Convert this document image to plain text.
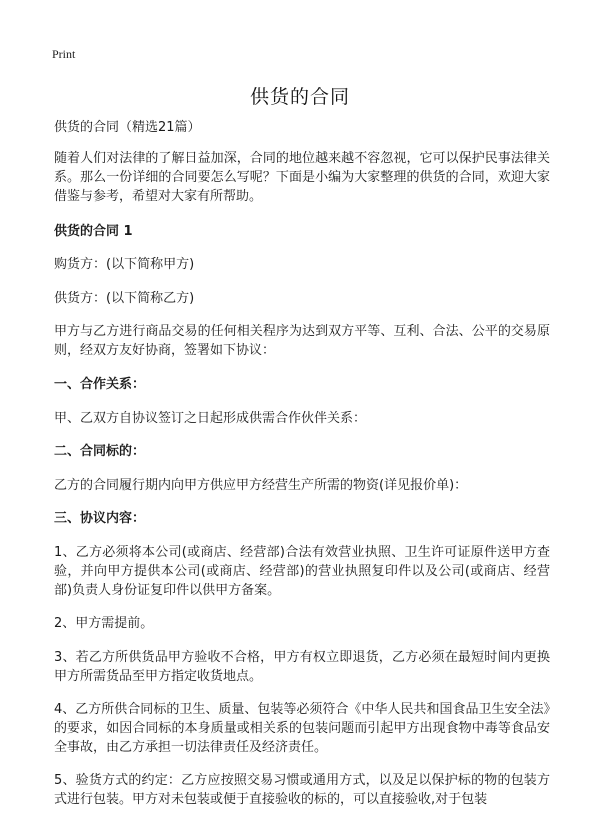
Print
供货的合同

供货的合同（精选21篇）

随着人们对法律的了解日益加深，合同的地位越来越不容忽视，它可以保护民事法律关系。那么一份详细的合同要怎么写呢？下面是小编为大家整理的供货的合同，欢迎大家借鉴与参考，希望对大家有所帮助。

供货的合同 1

购货方：(以下简称甲方)

供货方：(以下简称乙方)

甲方与乙方进行商品交易的任何相关程序为达到双方平等、互利、合法、公平的交易原则，经双方友好协商，签署如下协议：

一、合作关系：

甲、乙双方自协议签订之日起形成供需合作伙伴关系：

二、合同标的：

乙方的合同履行期内向甲方供应甲方经营生产所需的物资(详见报价单)：

三、协议内容：

1、乙方必须将本公司(或商店、经营部)合法有效营业执照、卫生许可证原件送甲方查验，并向甲方提供本公司(或商店、经营部)的营业执照复印件以及公司(或商店、经营部)负责人身份证复印件以供甲方备案。

2、甲方需提前。

3、若乙方所供货品甲方验收不合格，甲方有权立即退货，乙方必须在最短时间内更换甲方所需货品至甲方指定收货地点。

4、乙方所供合同标的卫生、质量、包装等必须符合《中华人民共和国食品卫生安全法》的要求，如因合同标的本身质量或相关系的包装问题而引起甲方出现食物中毒等食品安全事故，由乙方承担一切法律责任及经济责任。

5、验货方式的约定：乙方应按照交易习惯或通用方式，以及足以保护标的物的包装方式进行包装。甲方对未包装或便于直接验收的标的，可以直接验收,对于包装
